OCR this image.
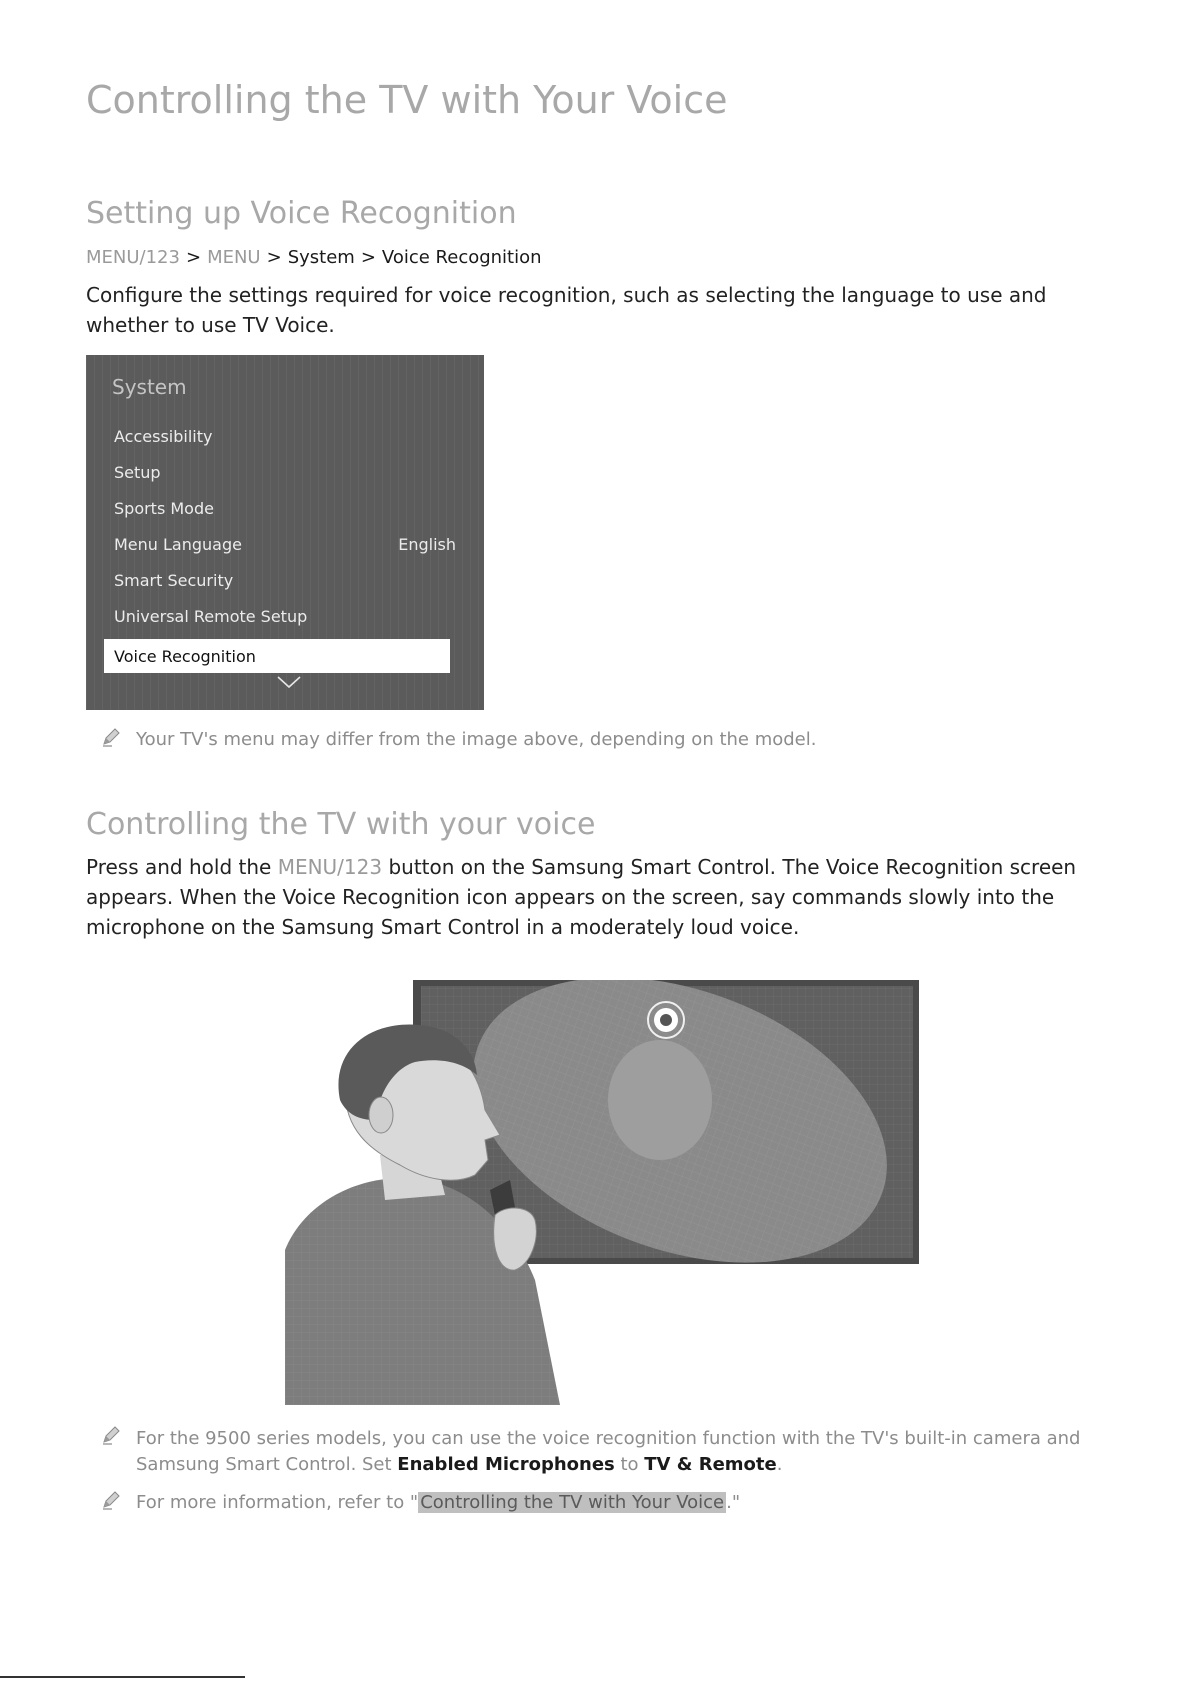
Controlling the TV with Your Voice
Setting up Voice Recognition
MENU/123 > MENU > System > Voice Recognition
Configure the settings required for voice recognition, such as selecting the language to use and whether to use TV Voice.
System
Accessibility
Setup
Sports Mode
Menu Language	English
Smart Security
Universal Remote Setup
Voice Recognition
Your TV's menu may differ from the image above, depending on the model.
Controlling the TV with your voice
Press and hold the MENU/123 button on the Samsung Smart Control. The Voice Recognition screen appears. When the Voice Recognition icon appears on the screen, say commands slowly into the microphone on the Samsung Smart Control in a moderately loud voice.
For the 9500 series models, you can use the voice recognition function with the TV's built-in camera and Samsung Smart Control. Set Enabled Microphones to TV & Remote.
For more information, refer to " Controlling the TV with Your Voice ."
